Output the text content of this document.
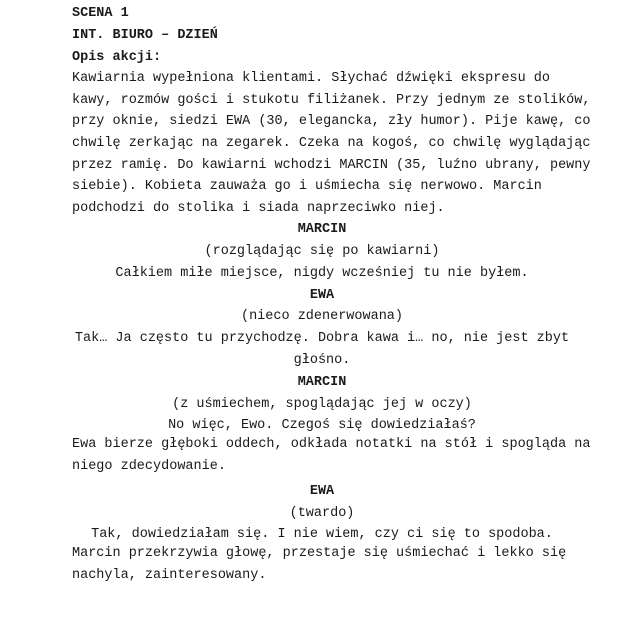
SCENA 1
INT. BIURO – DZIEŃ
Opis akcji:
Kawiarnia wypełniona klientami. Słychać dźwięki ekspresu do
kawy, rozmów gości i stukotu filiżanek. Przy jednym ze stolików,
przy oknie, siedzi EWA (30, elegancka, zły humor). Pije kawę, co
chwilę zerkając na zegarek. Czeka na kogoś, co chwilę wyglądając
przez ramię. Do kawiarni wchodzi MARCIN (35, luźno ubrany, pewny
siebie). Kobieta zauważa go i uśmiecha się nerwowo. Marcin
podchodzi do stolika i siada naprzeciwko niej.
MARCIN
(rozglądając się po kawiarni)
Całkiem miłe miejsce, nigdy wcześniej tu nie byłem.
EWA
(nieco zdenerwowana)
Tak… Ja często tu przychodzę. Dobra kawa i… no, nie jest zbyt
głośno.
MARCIN
(z uśmiechem, spoglądając jej w oczy)
No więc, Ewo. Czegoś się dowiedziałaś?
Ewa bierze głęboki oddech, odkłada notatki na stół i spogląda na
niego zdecydowanie.
EWA
(twardo)
Tak, dowiedziałam się. I nie wiem, czy ci się to spodoba.
Marcin przekrzywia głowę, przestaje się uśmiechać i lekko się
nachyla, zainteresowany.
